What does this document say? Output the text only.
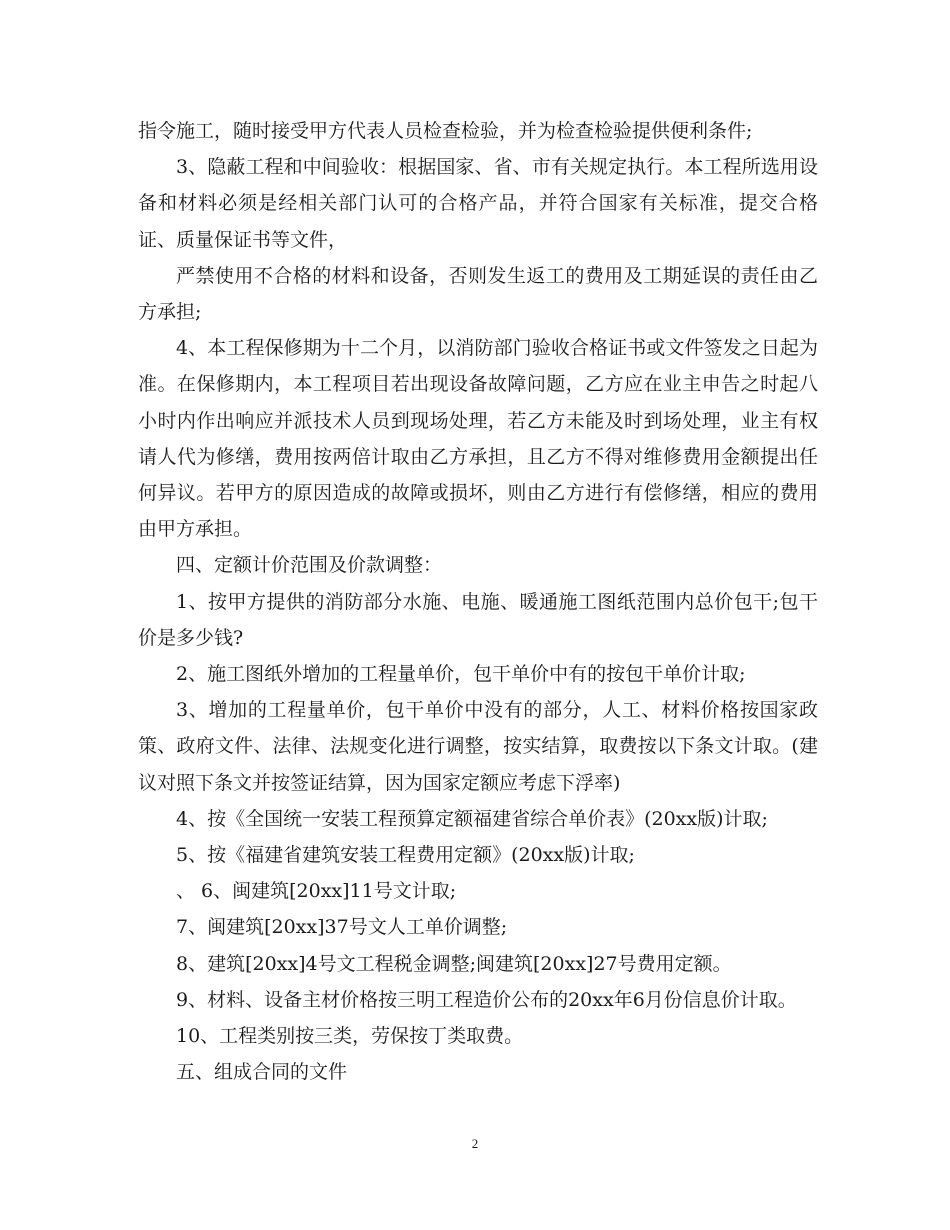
指令施工，随时接受甲方代表人员检查检验，并为检查检验提供便利条件;

3、隐蔽工程和中间验收：根据国家、省、市有关规定执行。本工程所选用设备和材料必须是经相关部门认可的合格产品，并符合国家有关标准，提交合格证、质量保证书等文件，

严禁使用不合格的材料和设备，否则发生返工的费用及工期延误的责任由乙方承担;

4、本工程保修期为十二个月，以消防部门验收合格证书或文件签发之日起为准。在保修期内，本工程项目若出现设备故障问题，乙方应在业主申告之时起八小时内作出响应并派技术人员到现场处理，若乙方未能及时到场处理，业主有权请人代为修缮，费用按两倍计取由乙方承担，且乙方不得对维修费用金额提出任何异议。若甲方的原因造成的故障或损坏，则由乙方进行有偿修缮，相应的费用由甲方承担。

四、定额计价范围及价款调整：

1、按甲方提供的消防部分水施、电施、暖通施工图纸范围内总价包干;包干价是多少钱?

2、施工图纸外增加的工程量单价，包干单价中有的按包干单价计取;

3、增加的工程量单价，包干单价中没有的部分，人工、材料价格按国家政策、政府文件、法律、法规变化进行调整，按实结算，取费按以下条文计取。(建议对照下条文并按签证结算，因为国家定额应考虑下浮率)

4、按《全国统一安装工程预算定额福建省综合单价表》(20xx版)计取;

5、按《福建省建筑安装工程费用定额》(20xx版)计取;

、 6、闽建筑[20xx]11号文计取;

7、闽建筑[20xx]37号文人工单价调整;

8、建筑[20xx]4号文工程税金调整;闽建筑[20xx]27号费用定额。

9、材料、设备主材价格按三明工程造价公布的20xx年6月份信息价计取。

10、工程类别按三类，劳保按丁类取费。

五、组成合同的文件

2
